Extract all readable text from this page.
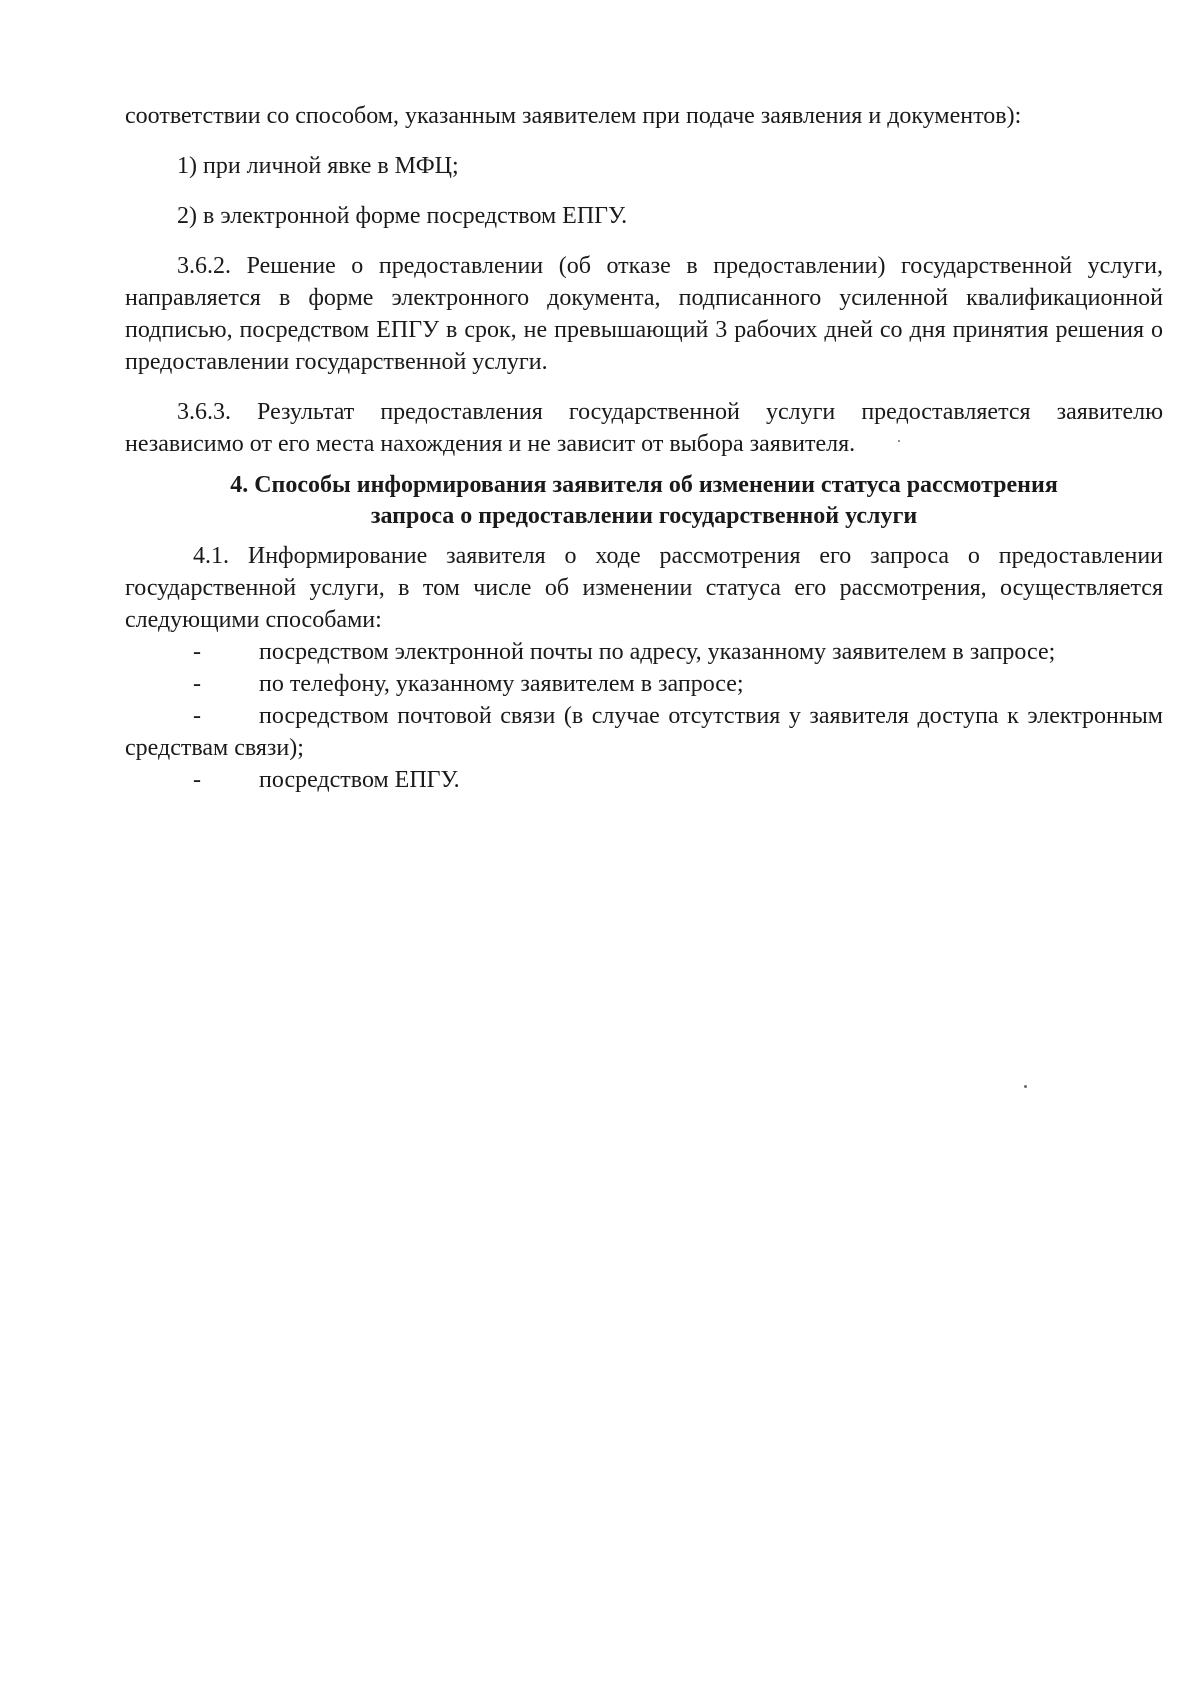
соответствии со способом, указанным заявителем при подаче заявления и документов):

1) при личной явке в МФЦ;

2) в электронной форме посредством ЕПГУ.

3.6.2. Решение о предоставлении (об отказе в предоставлении) государственной услуги, направляется в форме электронного документа, подписанного усиленной квалификационной подписью, посредством ЕПГУ в срок, не превышающий 3 рабочих дней со дня принятия решения о предоставлении государственной услуги.

3.6.3. Результат предоставления государственной услуги предоставляется заявителю независимо от его места нахождения и не зависит от выбора заявителя.

4. Способы информирования заявителя об изменении статуса рассмотрения
запроса о предоставлении государственной услуги

4.1. Информирование заявителя о ходе рассмотрения его запроса о предоставлении государственной услуги, в том числе об изменении статуса его рассмотрения, осуществляется следующими способами:

- посредством электронной почты по адресу, указанному заявителем в запросе;

- по телефону, указанному заявителем в запросе;

- посредством почтовой связи (в случае отсутствия у заявителя доступа к электронным средствам связи);

- посредством ЕПГУ.
